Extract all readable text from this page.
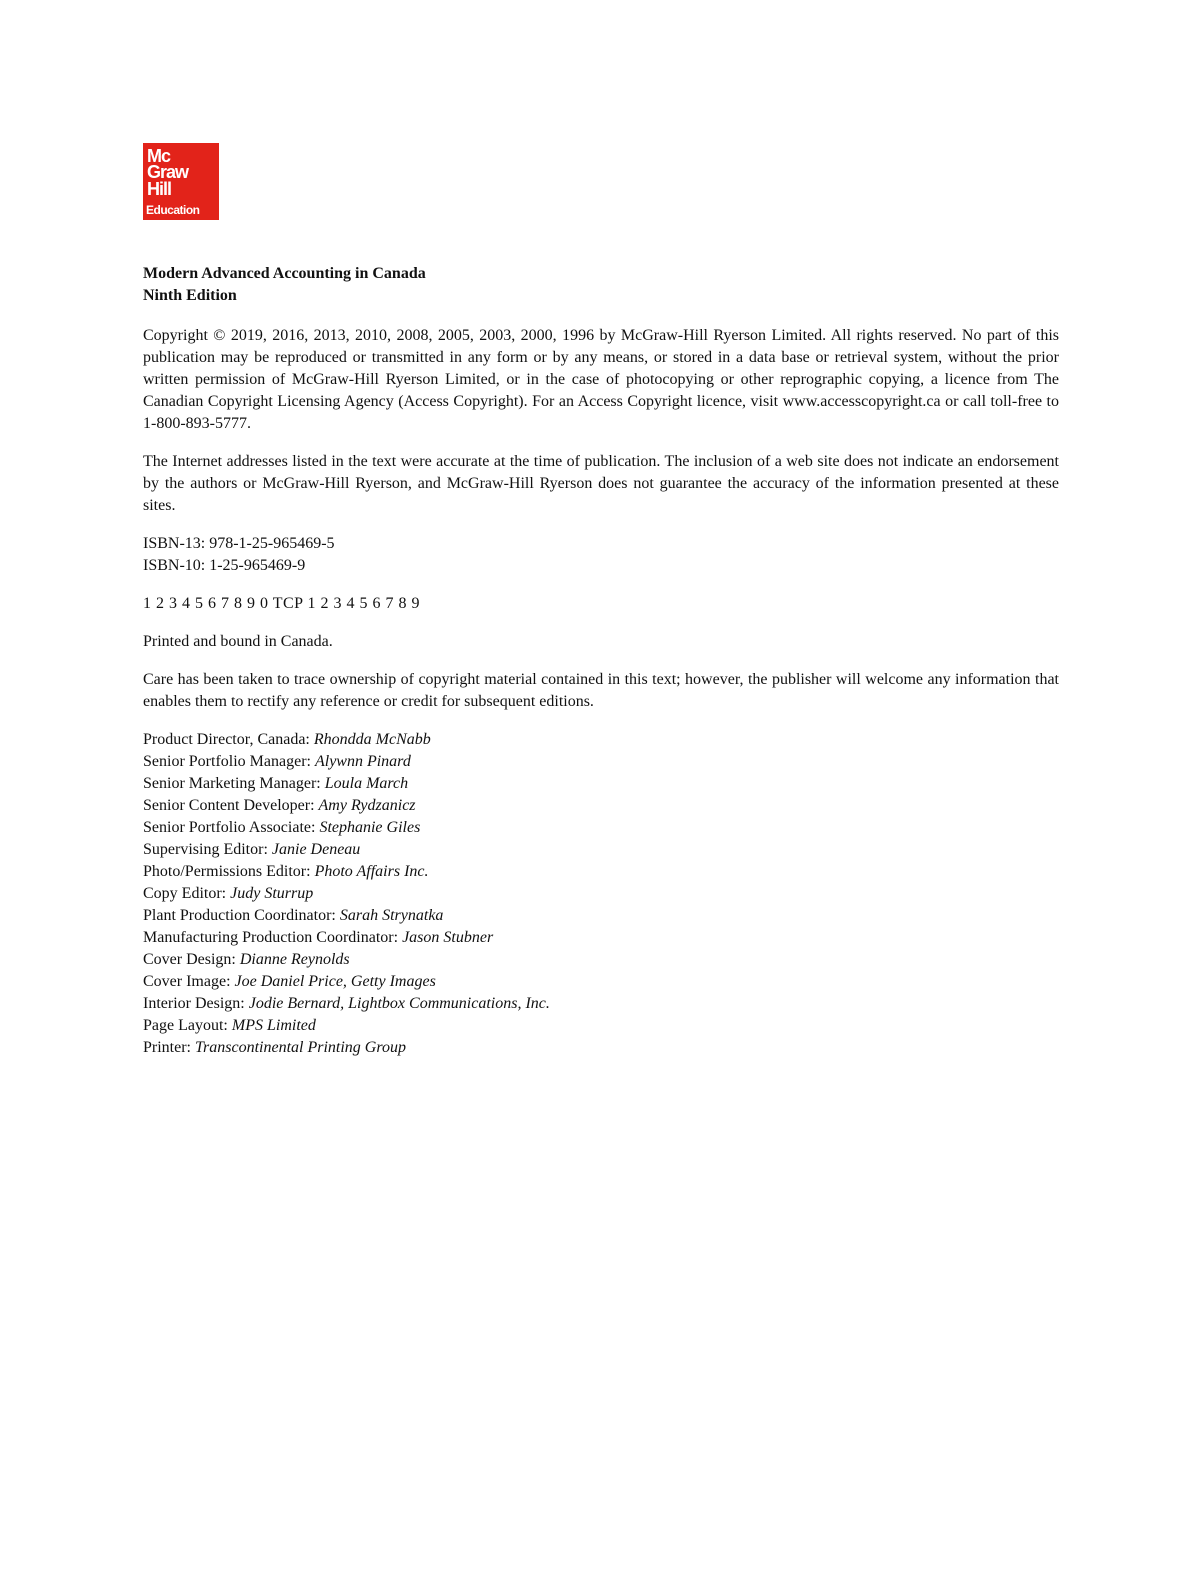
Mc
Graw
Hill
Education
Modern Advanced Accounting in Canada
Ninth Edition

Copyright © 2019, 2016, 2013, 2010, 2008, 2005, 2003, 2000, 1996 by McGraw-Hill Ryerson Limited. All rights reserved. No part of this publication may be reproduced or transmitted in any form or by any means, or stored in a data base or retrieval system, without the prior written permission of McGraw-Hill Ryerson Limited, or in the case of photocopying or other reprographic copying, a licence from The Canadian Copyright Licensing Agency (Access Copyright). For an Access Copyright licence, visit www.accesscopyright.ca or call toll-free to 1-800-893-5777.

The Internet addresses listed in the text were accurate at the time of publication. The inclusion of a web site does not indicate an endorsement by the authors or McGraw-Hill Ryerson, and McGraw-Hill Ryerson does not guarantee the accuracy of the information presented at these sites.

ISBN-13: 978-1-25-965469-5
ISBN-10: 1-25-965469-9

1 2 3 4 5 6 7 8 9 0 TCP 1 2 3 4 5 6 7 8 9

Printed and bound in Canada.

Care has been taken to trace ownership of copyright material contained in this text; however, the publisher will welcome any information that enables them to rectify any reference or credit for subsequent editions.

Product Director, Canada: Rhondda McNabb
Senior Portfolio Manager: Alywnn Pinard
Senior Marketing Manager: Loula March
Senior Content Developer: Amy Rydzanicz
Senior Portfolio Associate: Stephanie Giles
Supervising Editor: Janie Deneau
Photo/Permissions Editor: Photo Affairs Inc.
Copy Editor: Judy Sturrup
Plant Production Coordinator: Sarah Strynatka
Manufacturing Production Coordinator: Jason Stubner
Cover Design: Dianne Reynolds
Cover Image: Joe Daniel Price, Getty Images
Interior Design: Jodie Bernard, Lightbox Communications, Inc.
Page Layout: MPS Limited
Printer: Transcontinental Printing Group
